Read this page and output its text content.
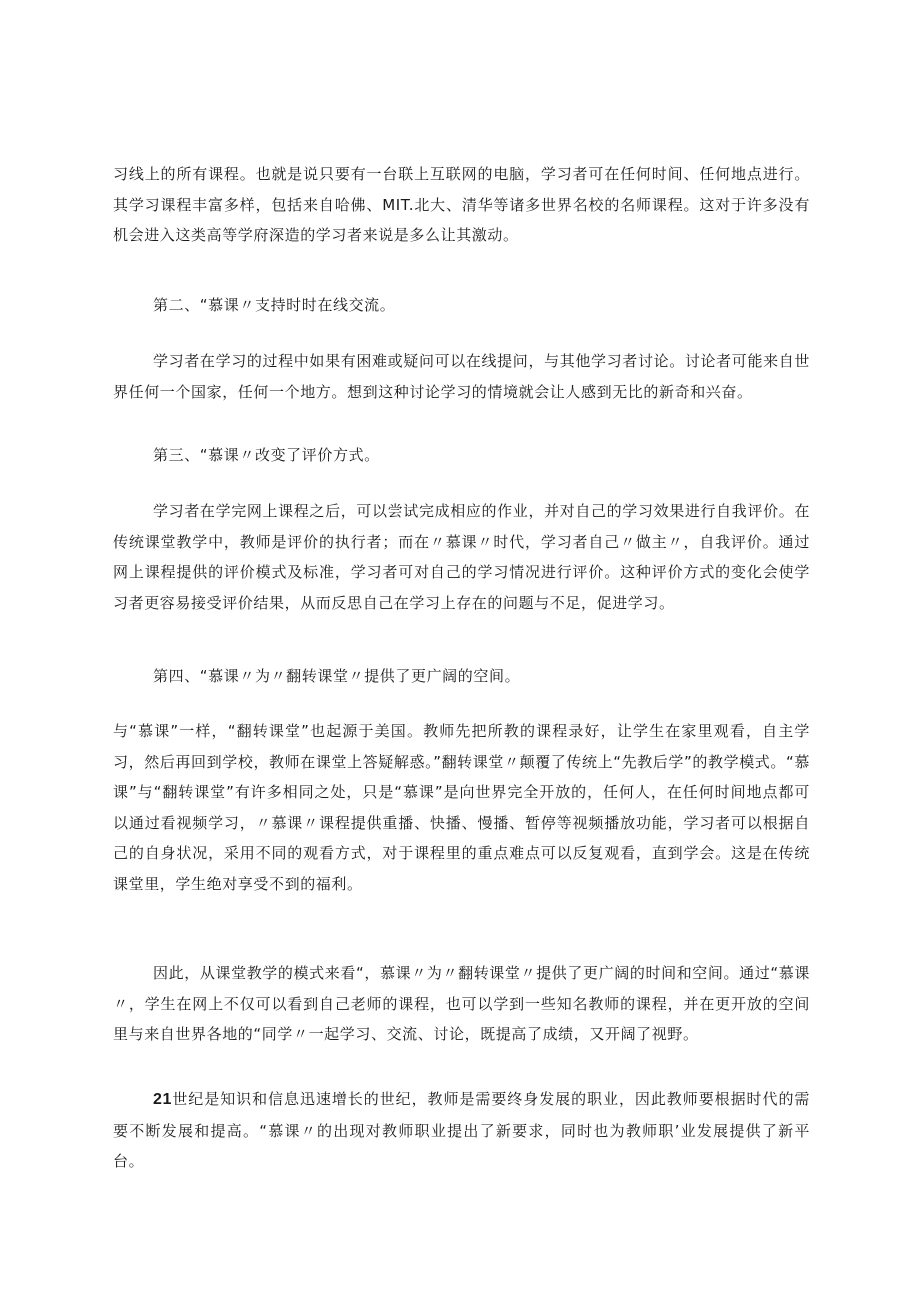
习线上的所有课程。也就是说只要有一台联上互联网的电脑，学习者可在任何时间、任何地点进行。其学习课程丰富多样，包括来自哈佛、MIT.北大、清华等诸多世界名校的名师课程。这对于许多没有机会进入这类高等学府深造的学习者来说是多么让其激动。

第二、“慕课〃支持时时在线交流。

学习者在学习的过程中如果有困难或疑问可以在线提问，与其他学习者讨论。讨论者可能来自世界任何一个国家，任何一个地方。想到这种讨论学习的情境就会让人感到无比的新奇和兴奋。

第三、“慕课〃改变了评价方式。

学习者在学完网上课程之后，可以尝试完成相应的作业，并对自己的学习效果进行自我评价。在传统课堂教学中，教师是评价的执行者；而在〃慕课〃时代，学习者自己〃做主〃，自我评价。通过网上课程提供的评价模式及标准，学习者可对自己的学习情况进行评价。这种评价方式的变化会使学习者更容易接受评价结果，从而反思自己在学习上存在的问题与不足，促进学习。

第四、“慕课〃为〃翻转课堂〃提供了更广阔的空间。

与“慕课”一样，“翻转课堂”也起源于美国。教师先把所教的课程录好，让学生在家里观看，自主学习，然后再回到学校，教师在课堂上答疑解惑。”翻转课堂〃颠覆了传统上“先教后学”的教学模式。“慕课”与“翻转课堂”有许多相同之处，只是“慕课”是向世界完全开放的，任何人，在任何时间地点都可以通过看视频学习，〃慕课〃课程提供重播、快播、慢播、暂停等视频播放功能，学习者可以根据自己的自身状况，采用不同的观看方式，对于课程里的重点难点可以反复观看，直到学会。这是在传统课堂里，学生绝对享受不到的福利。

因此，从课堂教学的模式来看“，慕课〃为〃翻转课堂〃提供了更广阔的时间和空间。通过“慕课〃，学生在网上不仅可以看到自己老师的课程，也可以学到一些知名教师的课程，并在更开放的空间里与来自世界各地的“同学〃一起学习、交流、讨论，既提高了成绩，又开阔了视野。

21世纪是知识和信息迅速增长的世纪，教师是需要终身发展的职业，因此教师要根据时代的需要不断发展和提高。“慕课〃的出现对教师职业提出了新要求，同时也为教师职’业发展提供了新平台。
